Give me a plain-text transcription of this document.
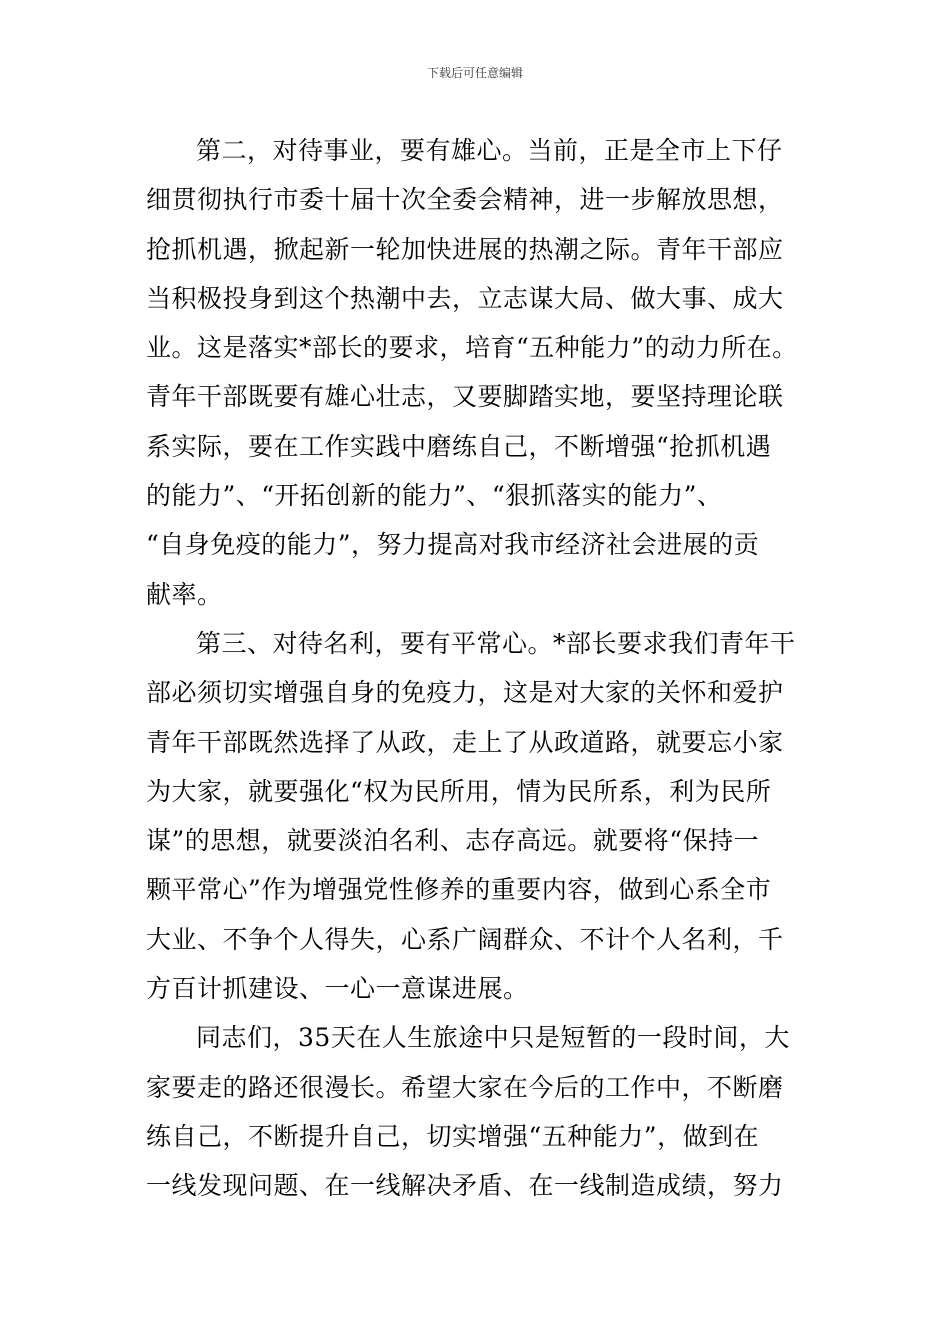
下载后可任意编辑
第二，对待事业，要有雄心。当前，正是全市上下仔
细贯彻执行市委十届十次全委会精神，进一步解放思想，
抢抓机遇，掀起新一轮加快进展的热潮之际。青年干部应
当积极投身到这个热潮中去，立志谋大局、做大事、成大
业。这是落实*部长的要求，培育“五种能力”的动力所在。
青年干部既要有雄心壮志，又要脚踏实地，要坚持理论联
系实际，要在工作实践中磨练自己，不断增强“抢抓机遇
的能力”、“开拓创新的能力”、“狠抓落实的能力”、
“自身免疫的能力”，努力提高对我市经济社会进展的贡
献率。
第三、对待名利，要有平常心。*部长要求我们青年干
部必须切实增强自身的免疫力，这是对大家的关怀和爱护
青年干部既然选择了从政，走上了从政道路，就要忘小家
为大家，就要强化“权为民所用，情为民所系，利为民所
谋”的思想，就要淡泊名利、志存高远。就要将“保持一
颗平常心”作为增强党性修养的重要内容，做到心系全市
大业、不争个人得失，心系广阔群众、不计个人名利，千
方百计抓建设、一心一意谋进展。
同志们，35天在人生旅途中只是短暂的一段时间，大
家要走的路还很漫长。希望大家在今后的工作中，不断磨
练自己，不断提升自己，切实增强“五种能力”，做到在
一线发现问题、在一线解决矛盾、在一线制造成绩，努力
